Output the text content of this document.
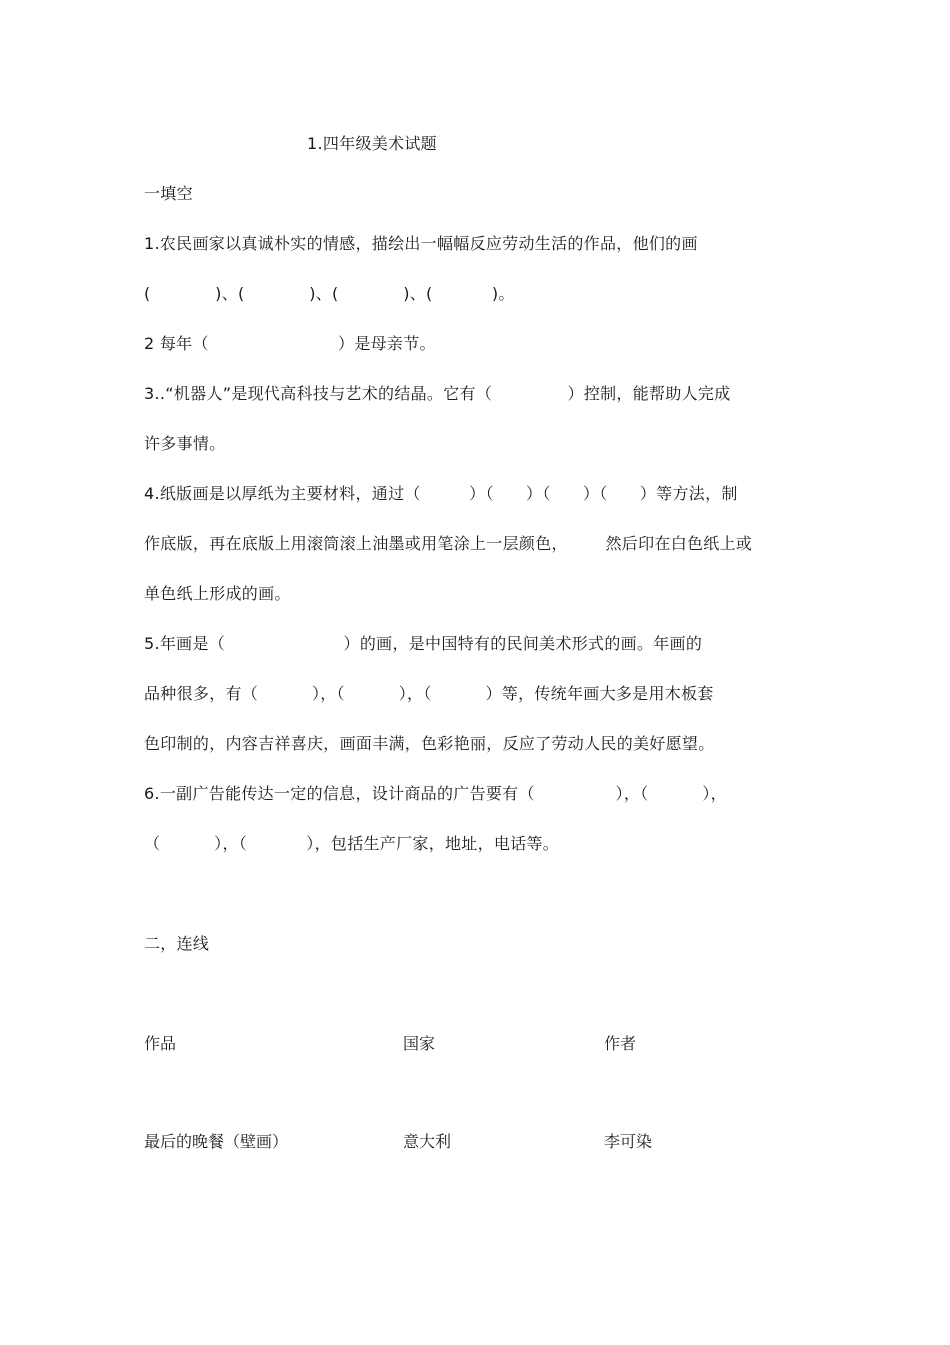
1.四年级美术试题
一填空
1.农民画家以真诚朴实的情感，描绘出一幅幅反应劳动生活的作品，他们的画
(            )、(            )、(            )、(           )。
2 每年（                        ）是母亲节。
3..“机器人”是现代高科技与艺术的结晶。它有（              ）控制，能帮助人完成
许多事情。
4.纸版画是以厚纸为主要材料，通过（         ）（      ）（      ）（      ）等方法，制
作底版，再在底版上用滚筒滚上油墨或用笔涂上一层颜色，       然后印在白色纸上或
单色纸上形成的画。
5.年画是（                      ）的画，是中国特有的民间美术形式的画。年画的
品种很多，有（          ），（          ），（          ）等，传统年画大多是用木板套
色印制的，内容吉祥喜庆，画面丰满，色彩艳丽，反应了劳动人民的美好愿望。
6.一副广告能传达一定的信息，设计商品的广告要有（               ），（          ），
（          ），（           ），包括生产厂家，地址，电话等。
二，连线
作品	国家	作者
最后的晚餐（壁画）	意大利	李可染
